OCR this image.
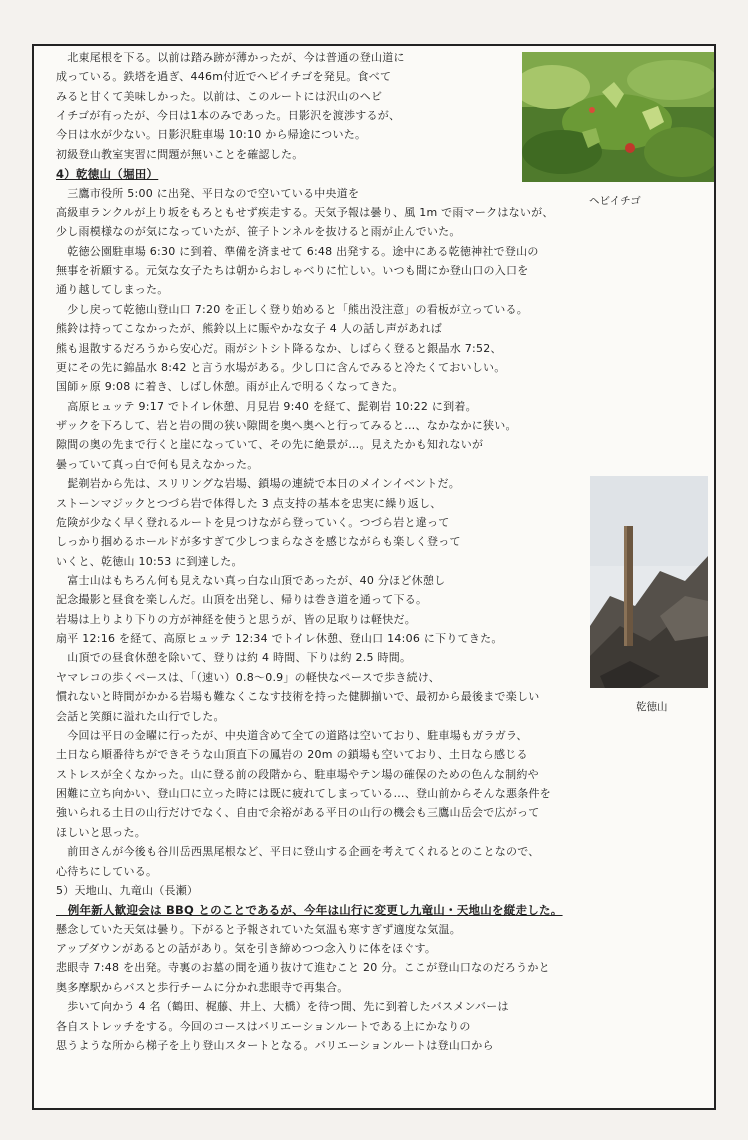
ヘビイチゴ
乾徳山
　北東尾根を下る。以前は踏み跡が薄かったが、今は普通の登山道に
成っている。鉄塔を過ぎ、446m付近でヘビイチゴを発見。食べて
みると甘くて美味しかった。以前は、このルートには沢山のヘビ
イチゴが有ったが、今日は1本のみであった。日影沢を渡渉するが、
今日は水が少ない。日影沢駐車場 10:10 から帰途についた。
初級登山教室実習に問題が無いことを確認した。
4）乾徳山（堀田）
　三鷹市役所 5:00 に出発、平日なので空いている中央道を
高級車ランクルが上り坂をもろともせず疾走する。天気予報は曇り、風 1m で雨マークはないが、
少し雨模様なのが気になっていたが、笹子トンネルを抜けると雨が止んでいた。
　乾徳公園駐車場 6:30 に到着、準備を済ませて 6:48 出発する。途中にある乾徳神社で登山の
無事を祈願する。元気な女子たちは朝からおしゃべりに忙しい。いつも間にか登山口の入口を
通り越してしまった。
　少し戻って乾徳山登山口 7:20 を正しく登り始めると「熊出没注意」の看板が立っている。
熊鈴は持ってこなかったが、熊鈴以上に賑やかな女子 4 人の話し声があれば
熊も退散するだろうから安心だ。雨がシトシト降るなか、しばらく登ると銀晶水 7:52、
更にその先に錦晶水 8:42 と言う水場がある。少し口に含んでみると冷たくておいしい。
国師ヶ原 9:08 に着き、しばし休憩。雨が止んで明るくなってきた。
　高原ヒュッテ 9:17 でトイレ休憩、月見岩 9:40 を経て、髭剃岩 10:22 に到着。
ザックを下ろして、岩と岩の間の狭い隙間を奥へ奥へと行ってみると…、なかなかに狭い。
隙間の奥の先まで行くと崖になっていて、その先に絶景が…。見えたかも知れないが
曇っていて真っ白で何も見えなかった。
　髭剃岩から先は、スリリングな岩場、鎖場の連続で本日のメインイベントだ。
ストーンマジックとつづら岩で体得した 3 点支持の基本を忠実に繰り返し、
危険が少なく早く登れるルートを見つけながら登っていく。つづら岩と違って
しっかり掴めるホールドが多すぎて少しつまらなさを感じながらも楽しく登って
いくと、乾徳山 10:53 に到達した。
　富士山はもちろん何も見えない真っ白な山頂であったが、40 分ほど休憩し
記念撮影と昼食を楽しんだ。山頂を出発し、帰りは巻き道を通って下る。
岩場は上りより下りの方が神経を使うと思うが、皆の足取りは軽快だ。
扇平 12:16 を経て、高原ヒュッテ 12:34 でトイレ休憩、登山口 14:06 に下りてきた。
　山頂での昼食休憩を除いて、登りは約 4 時間、下りは約 2.5 時間。
ヤマレコの歩くペースは、「（速い）0.8～0.9」の軽快なペースで歩き続け、
慣れないと時間がかかる岩場も難なくこなす技術を持った健脚揃いで、最初から最後まで楽しい
会話と笑顔に溢れた山行でした。
　今回は平日の金曜に行ったが、中央道含めて全ての道路は空いており、駐車場もガラガラ、
土日なら順番待ちができそうな山頂直下の鳳岩の 20m の鎖場も空いており、土日なら感じる
ストレスが全くなかった。山に登る前の段階から、駐車場やテン場の確保のための色んな制約や
困難に立ち向かい、登山口に立った時には既に疲れてしまっている…、登山前からそんな悪条件を
強いられる土日の山行だけでなく、自由で余裕がある平日の山行の機会も三鷹山岳会で広がって
ほしいと思った。
　前田さんが今後も谷川岳西黒尾根など、平日に登山する企画を考えてくれるとのことなので、
心待ちにしている。
5）天地山、九竜山（長瀬）
　例年新人歓迎会は BBQ とのことであるが、今年は山行に変更し九竜山・天地山を縦走した。
懸念していた天気は曇り。下がると予報されていた気温も寒すぎず適度な気温。
アップダウンがあるとの話があり。気を引き締めつつ念入りに体をほぐす。
悲眼寺 7:48 を出発。寺裏のお墓の間を通り抜けて進むこと 20 分。ここが登山口なのだろうかと
奥多摩駅からバスと歩行チームに分かれ悲眼寺で再集合。
　歩いて向かう 4 名（鶴田、梶藤、井上、大橋）を待つ間、先に到着したバスメンバーは
各自ストレッチをする。今回のコースはバリエーションルートである上にかなりの
思うような所から梯子を上り登山スタートとなる。バリエーションルートは登山口から
